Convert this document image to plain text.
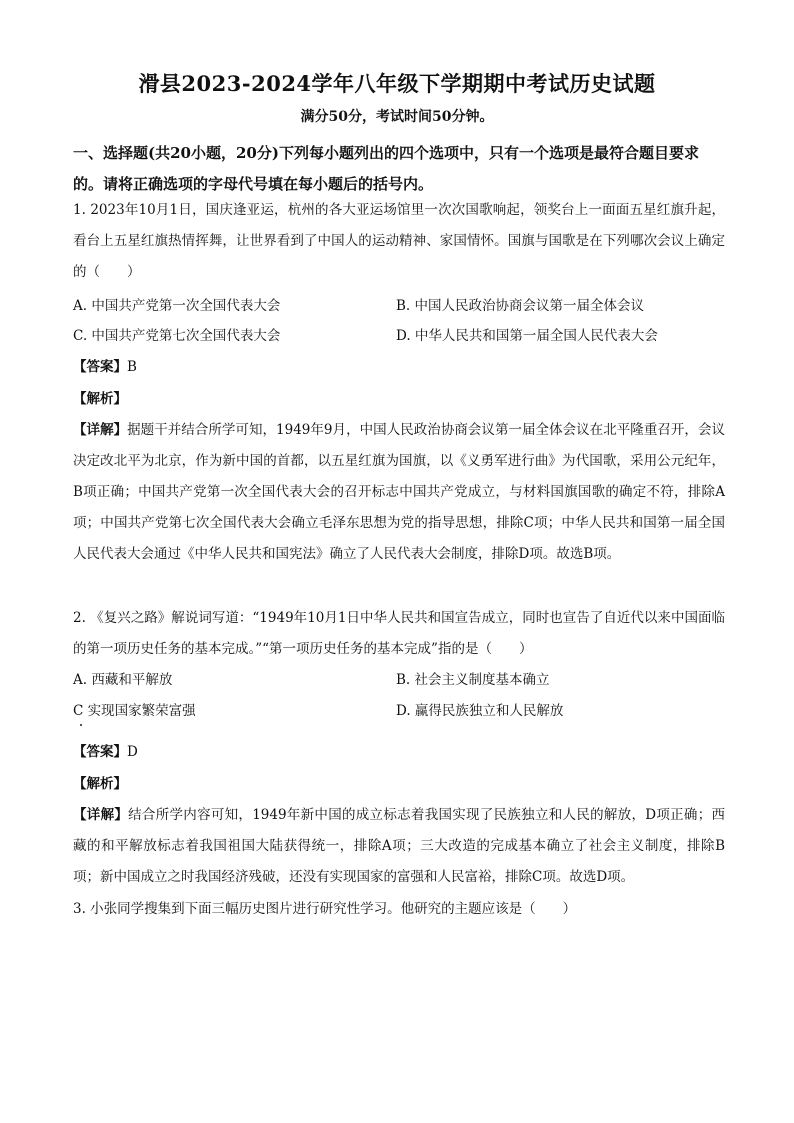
滑县2023-2024学年八年级下学期期中考试历史试题
满分50分，考试时间50分钟。
一、选择题(共20小题，20分)下列每小题列出的四个选项中，只有一个选项是最符合题目要求的。请将正确选项的字母代号填在每小题后的括号内。
1. 2023年10月1日，国庆逢亚运，杭州的各大亚运场馆里一次次国歌响起，领奖台上一面面五星红旗升起，看台上五星红旗热情挥舞，让世界看到了中国人的运动精神、家国情怀。国旗与国歌是在下列哪次会议上确定的（　　）
A. 中国共产党第一次全国代表大会	B. 中国人民政治协商会议第一届全体会议
C. 中国共产党第七次全国代表大会	D. 中华人民共和国第一届全国人民代表大会
【答案】B
【解析】
【详解】据题干并结合所学可知，1949年9月，中国人民政治协商会议第一届全体会议在北平隆重召开，会议决定改北平为北京，作为新中国的首都，以五星红旗为国旗，以《义勇军进行曲》为代国歌，采用公元纪年，B项正确；中国共产党第一次全国代表大会的召开标志中国共产党成立，与材料国旗国歌的确定不符，排除A项；中国共产党第七次全国代表大会确立毛泽东思想为党的指导思想，排除C项；中华人民共和国第一届全国人民代表大会通过《中华人民共和国宪法》确立了人民代表大会制度，排除D项。故选B项。
2. 《复兴之路》解说词写道：“1949年10月1日中华人民共和国宣告成立，同时也宣告了自近代以来中国面临的第一项历史任务的基本完成。”“第一项历史任务的基本完成”指的是（　　）
A. 西藏和平解放	B. 社会主义制度基本确立
C 实现国家繁荣富强	D. 赢得民族独立和人民解放
【答案】D
【解析】
【详解】结合所学内容可知，1949年新中国的成立标志着我国实现了民族独立和人民的解放，D项正确；西藏的和平解放标志着我国祖国大陆获得统一，排除A项；三大改造的完成基本确立了社会主义制度，排除B项；新中国成立之时我国经济残破，还没有实现国家的富强和人民富裕，排除C项。故选D项。
3. 小张同学搜集到下面三幅历史图片进行研究性学习。他研究的主题应该是（　　）
